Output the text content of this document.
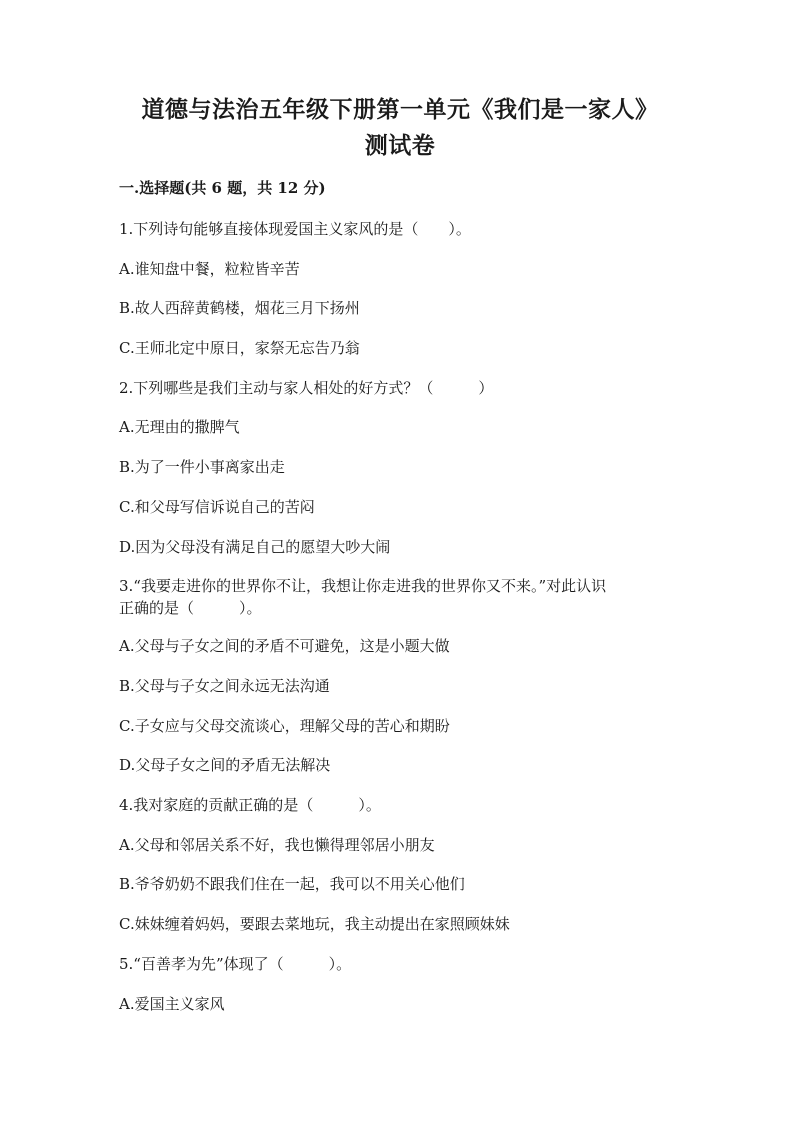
道德与法治五年级下册第一单元《我们是一家人》
测试卷
一.选择题(共 6 题，共 12 分)
1.下列诗句能够直接体现爱国主义家风的是（　　）。
A.谁知盘中餐，粒粒皆辛苦
B.故人西辞黄鹤楼，烟花三月下扬州
C.王师北定中原日，家祭无忘告乃翁
2.下列哪些是我们主动与家人相处的好方式？（　　　）
A.无理由的撒脾气
B.为了一件小事离家出走
C.和父母写信诉说自己的苦闷
D.因为父母没有满足自己的愿望大吵大闹
3.“我要走进你的世界你不让，我想让你走进我的世界你又不来。”对此认识
正确的是（　　　）。
A.父母与子女之间的矛盾不可避免，这是小题大做
B.父母与子女之间永远无法沟通
C.子女应与父母交流谈心，理解父母的苦心和期盼
D.父母子女之间的矛盾无法解决
4.我对家庭的贡献正确的是（　　　）。
A.父母和邻居关系不好，我也懒得理邻居小朋友
B.爷爷奶奶不跟我们住在一起，我可以不用关心他们
C.妹妹缠着妈妈，要跟去菜地玩，我主动提出在家照顾妹妹
5.“百善孝为先”体现了（　　　）。
A.爱国主义家风
